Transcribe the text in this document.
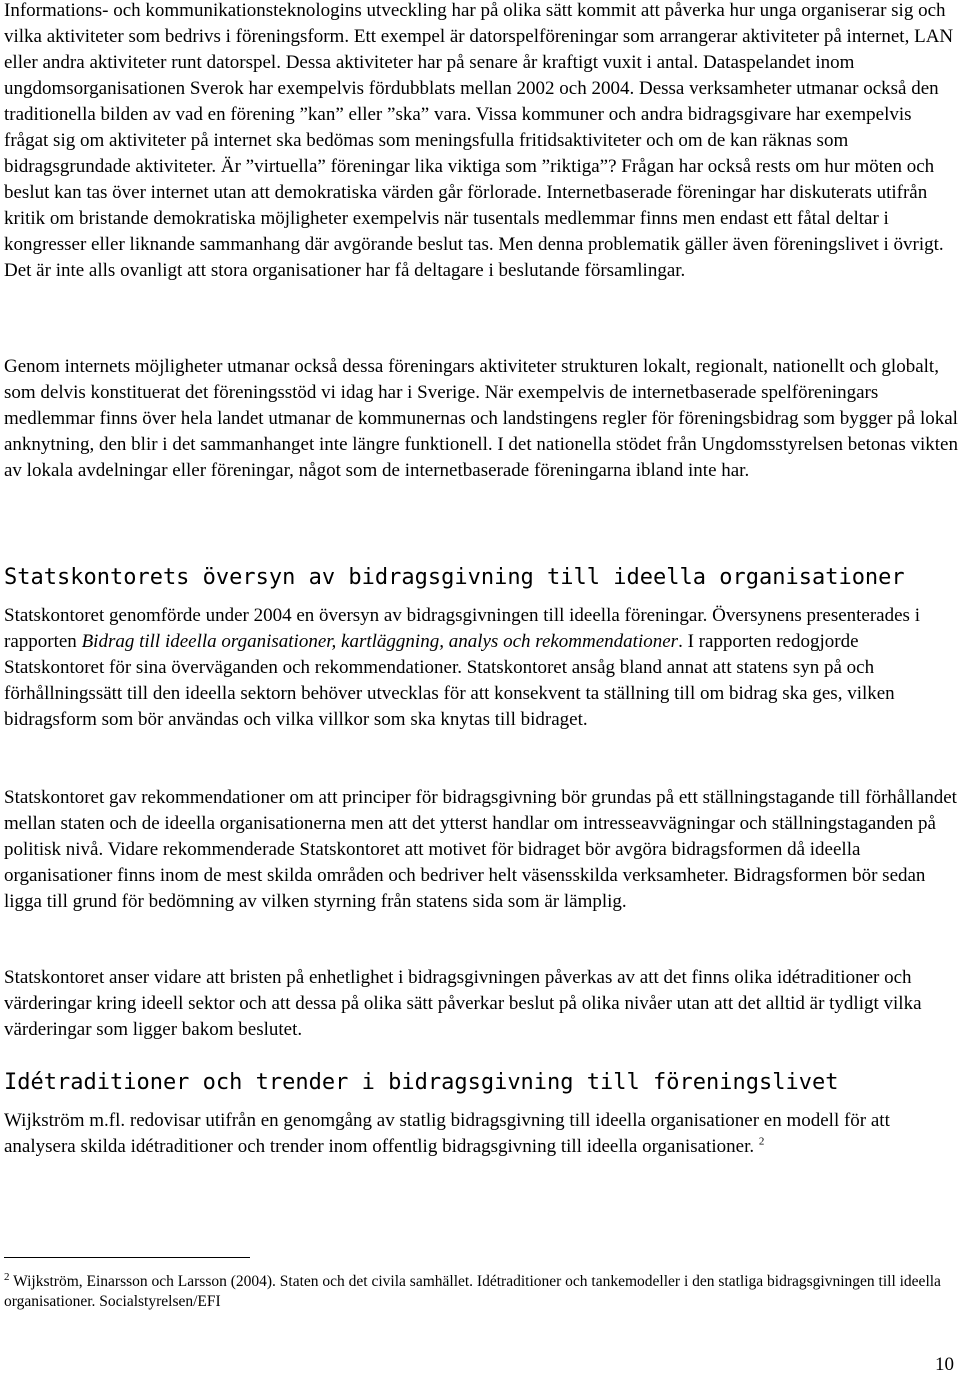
Informations- och kommunikationsteknologins utveckling har på olika sätt kommit att påverka hur unga organiserar sig och vilka aktiviteter som bedrivs i föreningsform. Ett exempel är datorspelföreningar som arrangerar aktiviteter på internet, LAN eller andra aktiviteter runt datorspel. Dessa aktiviteter har på senare år kraftigt vuxit i antal. Dataspelandet inom ungdomsorganisationen Sverok har exempelvis fördubblats mellan 2002 och 2004. Dessa verksamheter utmanar också den traditionella bilden av vad en förening ”kan” eller ”ska” vara. Vissa kommuner och andra bidragsgivare har exempelvis frågat sig om aktiviteter på internet ska bedömas som meningsfulla fritidsaktiviteter och om de kan räknas som bidragsgrundade aktiviteter. Är ”virtuella” föreningar lika viktiga som ”riktiga”? Frågan har också rests om hur möten och beslut kan tas över internet utan att demokratiska värden går förlorade. Internetbaserade föreningar har diskuterats utifrån kritik om bristande demokratiska möjligheter exempelvis när tusentals medlemmar finns men endast ett fåtal deltar i kongresser eller liknande sammanhang där avgörande beslut tas. Men denna problematik gäller även föreningslivet i övrigt. Det är inte alls ovanligt att stora organisationer har få deltagare i beslutande församlingar.

Genom internets möjligheter utmanar också dessa föreningars aktiviteter strukturen lokalt, regionalt, nationellt och globalt, som delvis konstituerat det föreningsstöd vi idag har i Sverige. När exempelvis de internetbaserade spelföreningars medlemmar finns över hela landet utmanar de kommunernas och landstingens regler för föreningsbidrag som bygger på lokal anknytning, den blir i det sammanhanget inte längre funktionell. I det nationella stödet från Ungdomsstyrelsen betonas vikten av lokala avdelningar eller föreningar, något som de internetbaserade föreningarna ibland inte har.

Statskontorets översyn av bidragsgivning till ideella organisationer

Statskontoret genomförde under 2004 en översyn av bidragsgivningen till ideella föreningar. Översynens presenterades i rapporten Bidrag till ideella organisationer, kartläggning, analys och rekommendationer. I rapporten redogjorde Statskontoret för sina överväganden och rekommendationer. Statskontoret ansåg bland annat att statens syn på och förhållningssätt till den ideella sektorn behöver utvecklas för att konsekvent ta ställning till om bidrag ska ges, vilken bidragsform som bör användas och vilka villkor som ska knytas till bidraget.

Statskontoret gav rekommendationer om att principer för bidragsgivning bör grundas på ett ställningstagande till förhållandet mellan staten och de ideella organisationerna men att det ytterst handlar om intresseavvägningar och ställningstaganden på politisk nivå. Vidare rekommenderade Statskontoret att motivet för bidraget bör avgöra bidragsformen då ideella organisationer finns inom de mest skilda områden och bedriver helt väsensskilda verksamheter. Bidragsformen bör sedan ligga till grund för bedömning av vilken styrning från statens sida som är lämplig.

Statskontoret anser vidare att bristen på enhetlighet i bidragsgivningen påverkas av att det finns olika idétraditioner och värderingar kring ideell sektor och att dessa på olika sätt påverkar beslut på olika nivåer utan att det alltid är tydligt vilka värderingar som ligger bakom beslutet.

Idétraditioner och trender i bidragsgivning till föreningslivet

Wijkström m.fl. redovisar utifrån en genomgång av statlig bidragsgivning till ideella organisationer en modell för att analysera skilda idétraditioner och trender inom offentlig bidragsgivning till ideella organisationer. $^2$

$^2$ Wijkström, Einarsson och Larsson (2004). Staten och det civila samhället. Idétraditioner och tankemodeller i den statliga bidragsgivningen till ideella organisationer. Socialstyrelsen/EFI

10
